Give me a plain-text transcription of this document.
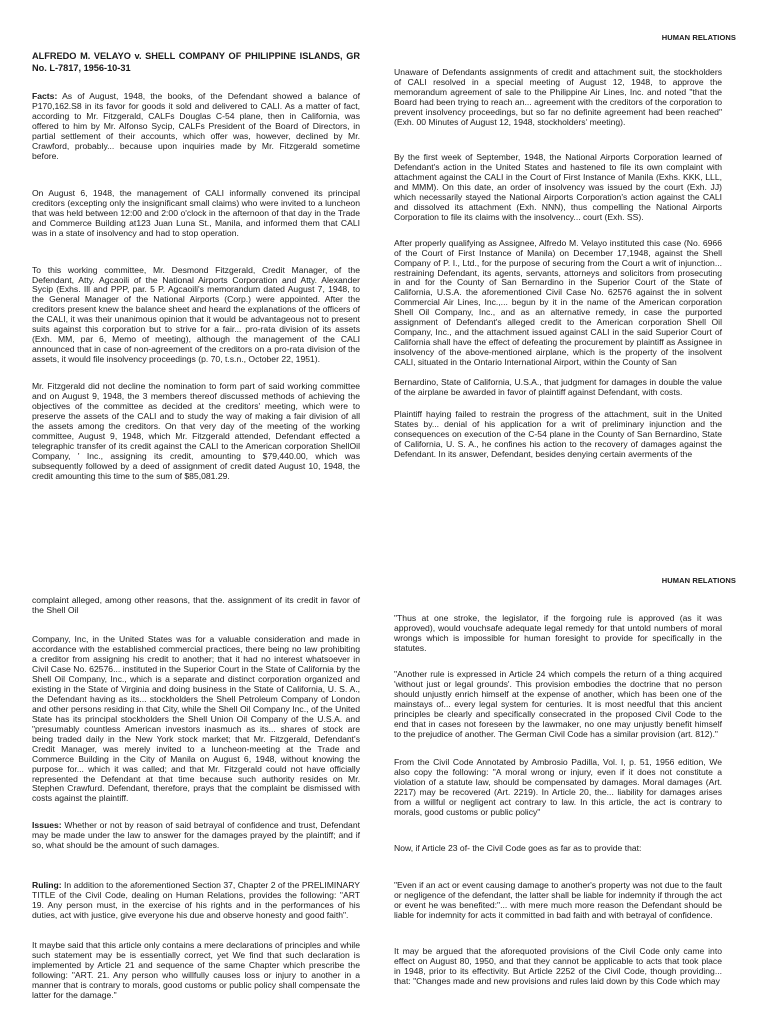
HUMAN RELATIONS

ALFREDO M. VELAYO v. SHELL COMPANY OF PHILIPPINE ISLANDS, GR No. L-7817, 1956-10-31

Facts: As of August, 1948, the books, of the Defendant showed a balance of P170,162.S8 in its favor for goods it sold and delivered to CALI. As a matter of fact, according to Mr. Fitzgerald, CALFs Douglas C-54 plane, then in California, was offered to him by Mr. Alfonso Sycip, CALFs President of the Board of Directors, in partial settlement of their accounts, which offer was, however, declined by Mr. Crawford, probably... because upon inquiries made by Mr. Fitzgerald sometime before.

On August 6, 1948, the management of CALI informally convened its principal creditors (excepting only the insignificant small claims) who were invited to a luncheon that was held between 12:00 and 2:00 o'clock in the afternoon of that day in the Trade and Commerce Building at123 Juan Luna St., Manila, and informed them that CALI was in a state of insolvency and had to stop operation.

To this working committee, Mr. Desmond Fitzgerald, Credit Manager, of the Defendant, Atty. Agcaoili of the National Airports Corporation and Atty. Alexander Sycip (Exhs. Ill and PPP, par. 5 P. Agcaoili's memorandum dated August 7, 1948, to the General Manager of the National Airports (Corp.) were appointed. After the creditors present knew the balance sheet and heard the explanations of the officers of the CALI, it was their unanimous opinion that it would be advantageous not to present suits against this corporation but to strive for a fair... pro-rata division of its assets (Exh. MM, par 6, Memo of meeting), although the management of the CALI announced that in case of non-agreement of the creditors on a pro-rata division of the assets, it would file insolvency proceedings (p. 70, t.s.n., October 22, 1951).

Mr. Fitzgerald did not decline the nomination to form part of said working committee and on August 9, 1948, the 3 members thereof discussed methods of achieving the objectives of the committee as decided at the creditors' meeting, which were to preserve the assets of the CALI and to study the way of making a fair division of all the assets among the creditors. On that very day of the meeting of the working committee, August 9, 1948, which Mr. Fitzgerald attended, Defendant effected a telegraphic transfer of its credit against the CALI to the American corporation ShellOil Company, ' Inc., assigning its credit, amounting to $79,440.00, which was subsequently followed by a deed of assignment of credit dated August 10, 1948, the credit amounting this time to the sum of $85,081.29.

Unaware of Defendants assignments of credit and attachment suit, the stockholders of CALI resolved in a special meeting of August 12, 1948, to approve the memorandum agreement of sale to the Philippine Air Lines, Inc. and noted "that the Board had been trying to reach an... agreement with the creditors of the corporation to prevent insolvency proceedings, but so far no definite agreement had been reached" (Exh. 00 Minutes of August 12, 1948, stockholders' meeting).

By the first week of September, 1948, the National Airports Corporation learned of Defendant's action in the United States and hastened to file its own complaint with attachment against the CALI in the Court of First Instance of Manila (Exhs. KKK, LLL, and MMM). On this date, an order of insolvency was issued by the court (Exh. JJ) which necessarily stayed the National Airports Corporation's action against the CALI and dissolved its attachment (Exh. NNN), thus compelling the National Airports Corporation to file its claims with the insolvency... court (Exh. SS).

After properly qualifying as Assignee, Alfredo M. Velayo instituted this case (No. 6966 of the Court of First Instance of Manila) on December 17,1948, against the Shell Company of P. I., Ltd., for the purpose of securing from the Court a writ of injunction... restraining Defendant, its agents, servants, attorneys and solicitors from prosecuting in and for the County of San Bernardino in the Superior Court of the State of California, U.S.A. the aforementioned Civil Case No. 62576 against the in solvent Commercial Air Lines, Inc.,... begun by it in the name of the American corporation Shell Oil Company, Inc., and as an alternative remedy, in case the purported assignment of Defendant's alleged credit to the American corporation Shell Oil Company, Inc., and the attachment issued against CALI in the said Superior Court of California shall have the effect of defeating the procurement by plaintiff as Assignee in insolvency of the above-mentioned airplane, which is the property of the insolvent CALI, situated in the Ontario International Airport, within the County of San

Bernardino, State of California, U.S.A., that judgment for damages in double the value of the airplane be awarded in favor of plaintiff against Defendant, with costs.

Plaintiff haying failed to restrain the progress of the attachment, suit in the United States by... denial of his application for a writ of preliminary injunction and the consequences on execution of the C-54 plane in the County of San Bernardino, State of California, U. S. A., he confines his action to the recovery of damages against the Defendant. In its answer, Defendant, besides denying certain averments of the

HUMAN RELATIONS

complaint alleged, among other reasons, that the. assignment of its credit in favor of the Shell Oil

Company, Inc, in the United States was for a valuable consideration and made in accordance with the established commercial practices, there being no law prohibiting a creditor from assigning his credit to another; that it had no interest whatsoever in Civil Case No. 62576... instituted in the Superior Court in the State of California by the Shell Oil Company, Inc., which is a separate and distinct corporation organized and existing in the State of Virginia and doing business in the State of California, U. S. A., the Defendant having as its... stockholders the Shell Petroleum Company of London and other persons residing in that City, while the Shell Oil Company Inc., of the United State has its principal stockholders the Shell Union Oil Company of the U.S.A. and "presumably countless American investors inasmuch as its... shares of stock are being traded daily in the New York stock market; that Mr. Fitzgerald, Defendant's Credit Manager, was merely invited to a luncheon-meeting at the Trade and Commerce Building in the City of Manila on August 6, 1948, without knowing the purpose for... which it was called; and that Mr. Fitzgerald could not have officially represented the Defendant at that time because such authority resides on Mr. Stephen Crawfurd. Defendant, therefore, prays that the complaint be dismissed with costs against the plaintiff.

Issues: Whether or not by reason of said betrayal of confidence and trust, Defendant may be made under the law to answer for the damages prayed by the plaintiff; and if so, what should be the amount of such damages.

Ruling: In addition to the aforementioned Section 37, Chapter 2 of the PRELIMINARY TITLE of the Civil Code, dealing on Human Relations, provides the following: "ART 19. Any person must, in the exercise of his rights and in the performances of his duties, act with justice, give everyone his due and observe honesty and good faith".

It maybe said that this article only contains a mere declarations of principles and while such statement may be is essentially correct, yet We find that such declaration is implemented by Article 21 and sequence of the same Chapter which prescribe the following: "ART. 21. Any person who willfully causes loss or injury to another in a manner that is contrary to morals, good customs or public policy shall compensate the latter for the damage."

"Thus at one stroke, the legislator, if the forgoing rule is approved (as it was approved), would vouchsafe adequate legal remedy for that untold numbers of moral wrongs which is impossible for human foresight to provide for specifically in the statutes.

"Another rule is expressed in Article 24 which compels the return of a thing acquired 'without just or legal grounds'. This provision embodies the doctrine that no person should unjustly enrich himself at the expense of another, which has been one of the mainstays of... every legal system for centuries. It is most needful that this ancient principles be clearly and specifically consecrated in the proposed Civil Code to the end that in cases not foreseen by the lawmaker, no one may unjustly benefit himself to the prejudice of another. The German Civil Code has a similar provision (art. 812)."

From the Civil Code Annotated by Ambrosio Padilla, Vol. I, p. 51, 1956 edition, We also copy the following: "A moral wrong or injury, even if it does not constitute a violation of a statute law, should be compensated by damages. Moral damages (Art. 2217) may be recovered (Art. 2219). In Article 20, the... liability for damages arises from a willful or negligent act contrary to law. In this article, the act is contrary to morals, good customs or public policy"

Now, if Article 23 of- the Civil Code goes as far as to provide that:

"Even if an act or event causing damage to another's property was not due to the fault or negligence of the defendant, the latter shall be liable for indemnity if through the act or event he was benefited:"... with mere much more reason the Defendant should be liable for indemnity for acts it committed in bad faith and with betrayal of confidence.

It may be argued that the aforequoted provisions of the Civil Code only came into effect on August 80, 1950, and that they cannot be applicable to acts that took place in 1948, prior to its effectivity. But Article 2252 of the Civil Code, though providing... that: "Changes made and new provisions and rules laid down by this Code which may
